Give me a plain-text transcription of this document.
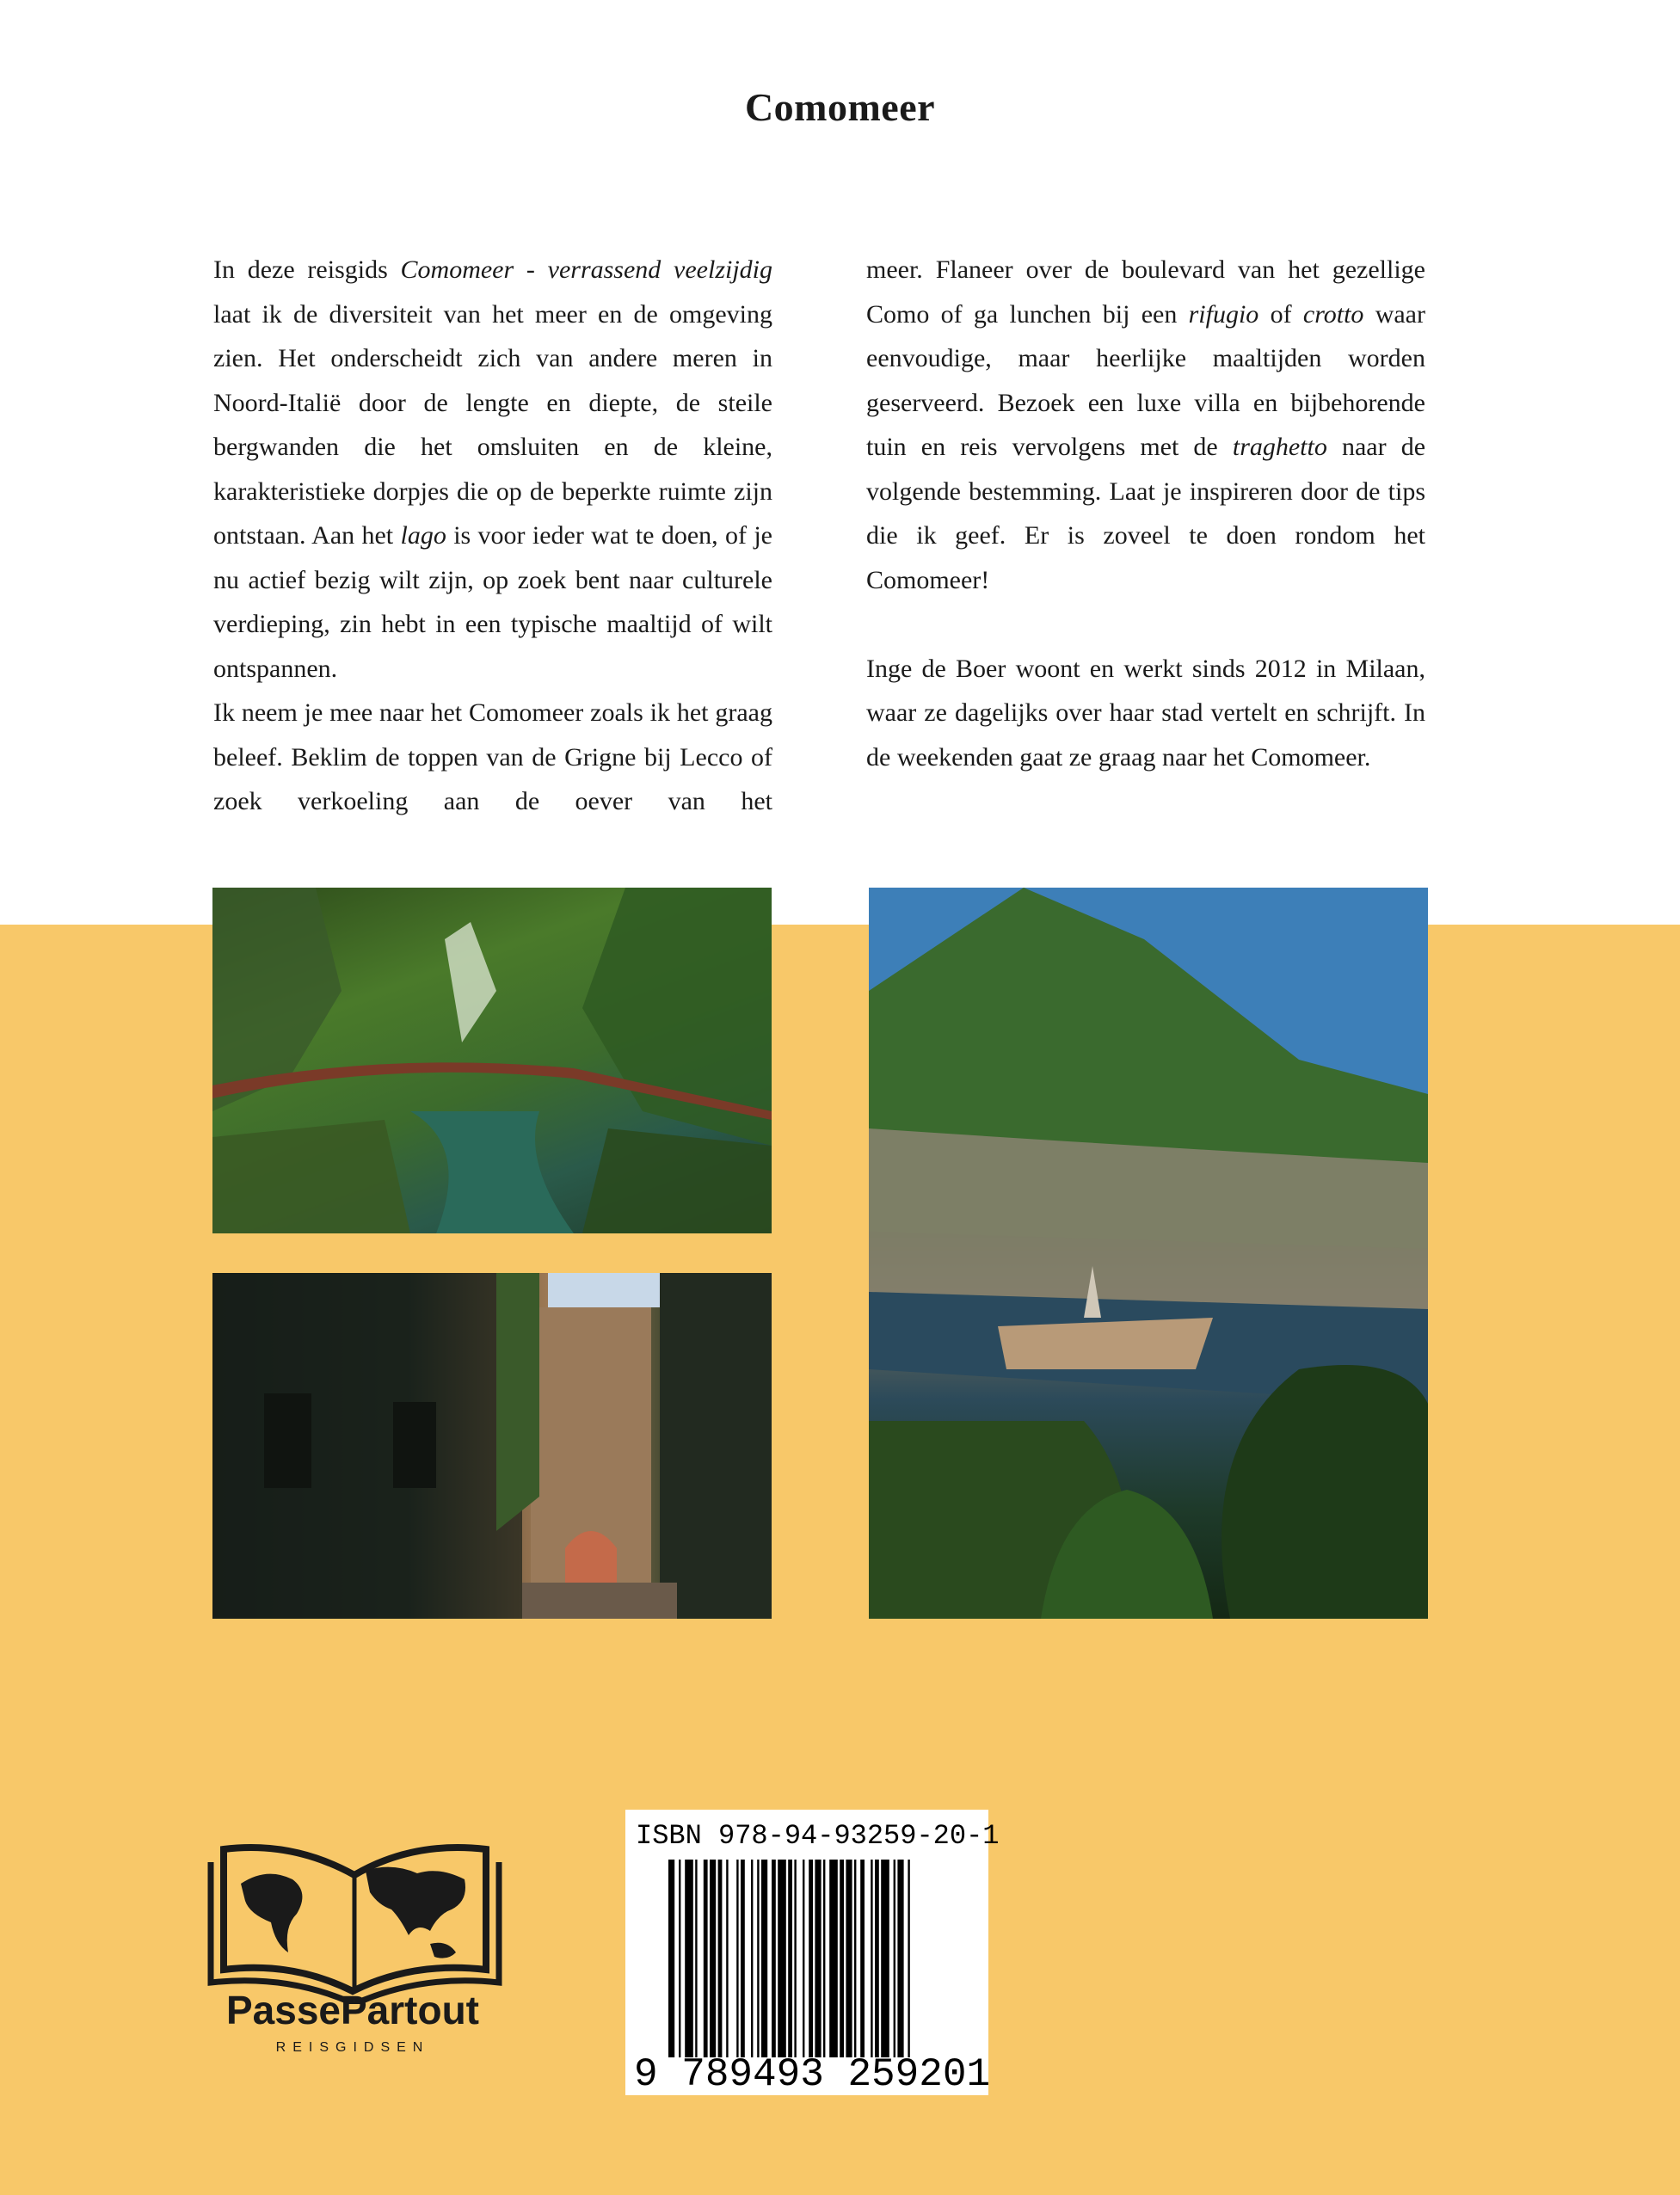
Comomeer

In deze reisgids Comomeer - verrassend veelzijdig laat ik de diversiteit van het meer en de omgeving zien. Het onderscheidt zich van andere meren in Noord-Italië door de lengte en diepte, de steile bergwanden die het omsluiten en de kleine, karakteristieke dorpjes die op de beperkte ruimte zijn ontstaan. Aan het lago is voor ieder wat te doen, of je nu actief bezig wilt zijn, op zoek bent naar culturele verdieping, zin hebt in een typische maaltijd of wilt ontspannen.

Ik neem je mee naar het Comomeer zoals ik het graag beleef. Beklim de toppen van de Grigne bij Lecco of zoek verkoeling aan de oever van het

meer. Flaneer over de boulevard van het gezellige Como of ga lunchen bij een rifugio of crotto waar eenvoudige, maar heerlijke maaltijden worden geserveerd. Bezoek een luxe villa en bijbehorende tuin en reis vervolgens met de traghetto naar de volgende bestemming. Laat je inspireren door de tips die ik geef. Er is zoveel te doen rondom het Comomeer!

Inge de Boer woont en werkt sinds 2012 in Milaan, waar ze dagelijks over haar stad vertelt en schrijft. In de weekenden gaat ze graag naar het Comomeer.

PassePartout
REISGIDSEN
ISBN 978-94-93259-20-1
9 789493 259201
